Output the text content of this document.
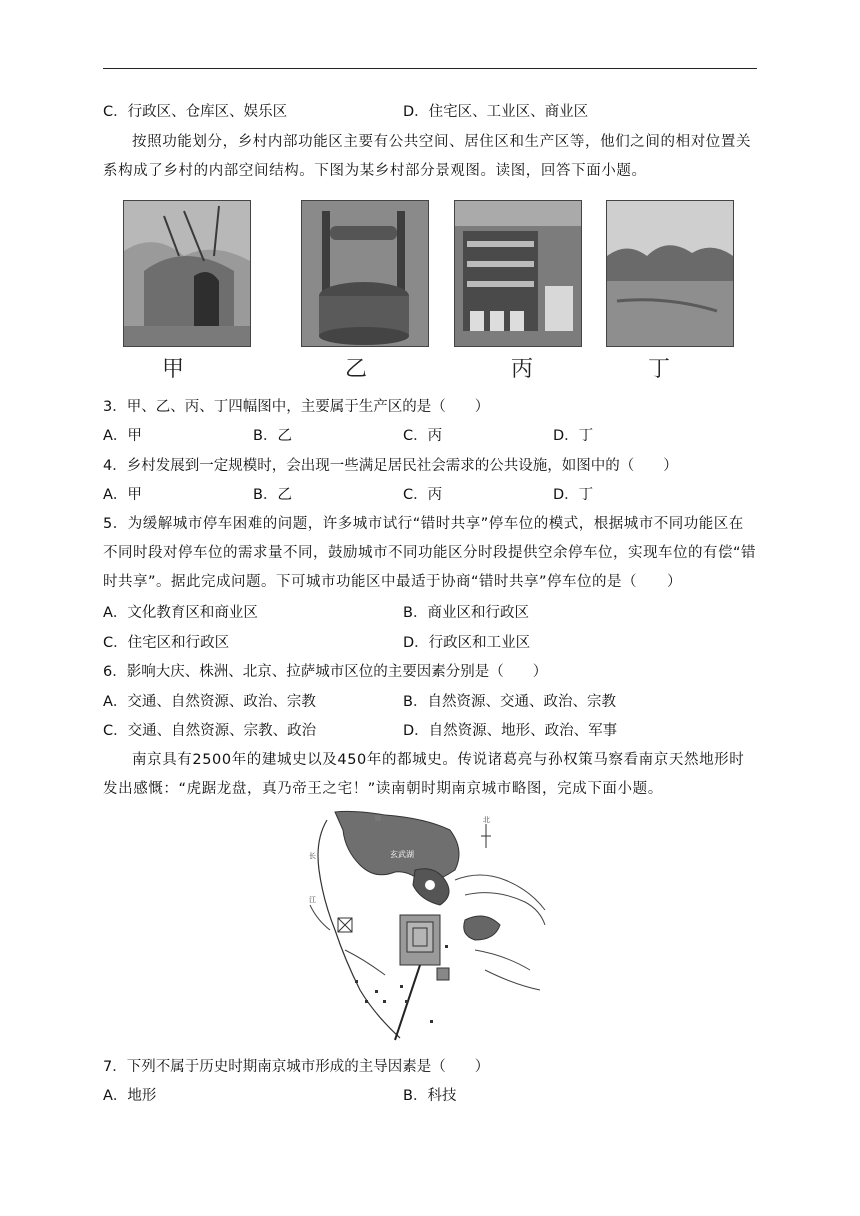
C．行政区、仓库区、娱乐区	D．住宅区、工业区、商业区
按照功能划分，乡村内部功能区主要有公共空间、居住区和生产区等，他们之间的相对位置关系构成了乡村的内部空间结构。下图为某乡村部分景观图。读图，回答下面小题。
甲	乙	丙	丁
3．甲、乙、丙、丁四幅图中，主要属于生产区的是（　　）
A．甲	B．乙	C．丙	D．丁
4．乡村发展到一定规模时，会出现一些满足居民社会需求的公共设施，如图中的（　　）
A．甲	B．乙	C．丙	D．丁
5．为缓解城市停车困难的问题，许多城市试行“错时共享”停车位的模式，根据城市不同功能区在不同时段对停车位的需求量不同，鼓励城市不同功能区分时段提供空余停车位，实现车位的有偿“错时共享”。据此完成问题。下可城市功能区中最适于协商“错时共享”停车位的是（　　）
A．文化教育区和商业区	B．商业区和行政区
C．住宅区和行政区	D．行政区和工业区
6．影响大庆、株洲、北京、拉萨城市区位的主要因素分别是（　　）
A．交通、自然资源、政治、宗教	B．自然资源、交通、政治、宗教
C．交通、自然资源、宗教、政治	D．自然资源、地形、政治、军事
南京具有2500年的建城史以及450年的都城史。传说诸葛亮与孙权策马察看南京天然地形时发出感慨：“虎踞龙盘，真乃帝王之宅！”读南朝时期南京城市略图，完成下面小题。
玄武湖
北
长
江
7．下列不属于历史时期南京城市形成的主导因素是（　　）
A．地形	B．科技
